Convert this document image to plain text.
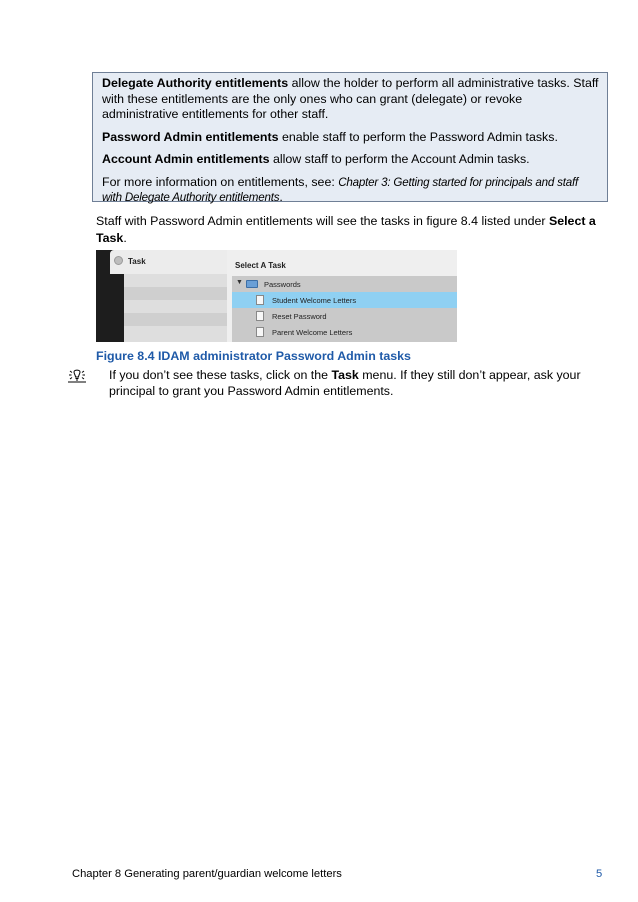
Delegate Authority entitlements allow the holder to perform all administrative tasks. Staff with these entitlements are the only ones who can grant (delegate) or revoke administrative entitlements for other staff.

Password Admin entitlements enable staff to perform the Password Admin tasks.

Account Admin entitlements allow staff to perform the Account Admin tasks.

For more information on entitlements, see: Chapter 3: Getting started for principals and staff with Delegate Authority entitlements.

Staff with Password Admin entitlements will see the tasks in figure 8.4 listed under Select a Task.
Task	Select A Task
▼	Passwords
Student Welcome Letters
Reset Password
Parent Welcome Letters
Figure 8.4 IDAM administrator Password Admin tasks
If you don’t see these tasks, click on the Task menu. If they still don’t appear, ask your principal to grant you Password Admin entitlements.
Chapter 8 Generating parent/guardian welcome letters	5
